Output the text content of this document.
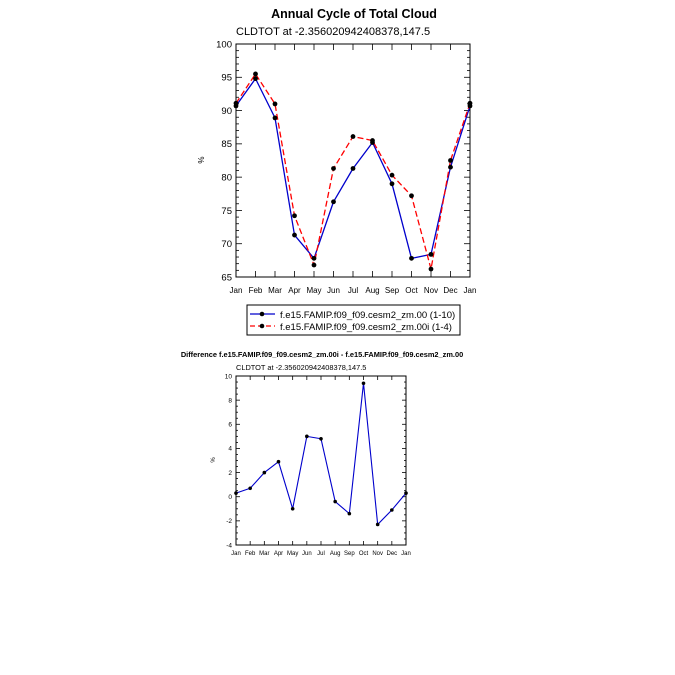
Annual Cycle of Total Cloud
CLDTOT at -2.356020942408378,147.5
%
65
70
75
80
85
90
95
100
Jan Feb Mar Apr May Jun Jul Aug Sep Oct Nov Dec Jan
f.e15.FAMIP.f09_f09.cesm2_zm.00 (1-10)
f.e15.FAMIP.f09_f09.cesm2_zm.00i (1-4)
Difference f.e15.FAMIP.f09_f09.cesm2_zm.00i - f.e15.FAMIP.f09_f09.cesm2_zm.00
CLDTOT at -2.356020942408378,147.5
%
-4
-2
0
2
4
6
8
10
Jan Feb Mar Apr May Jun Jul Aug Sep Oct Nov Dec Jan
